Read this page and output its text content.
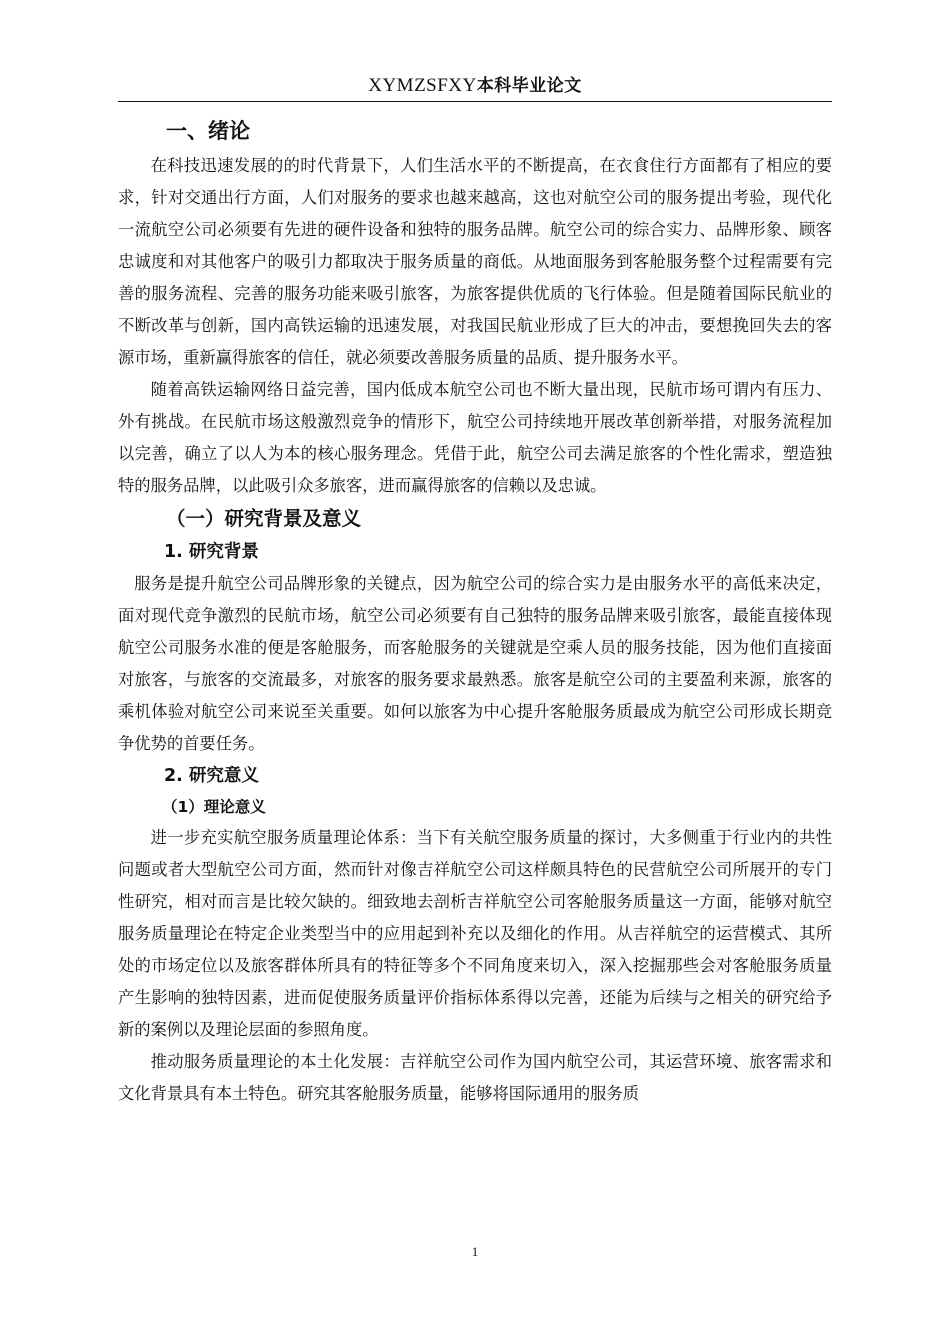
XYMZSFXY本科毕业论文
一、绪论

在科技迅速发展的的时代背景下，人们生活水平的不断提高，在衣食住行方面都有了相应的要求，针对交通出行方面，人们对服务的要求也越来越高，这也对航空公司的服务提出考验，现代化一流航空公司必须要有先进的硬件设备和独特的服务品牌。航空公司的综合实力、品牌形象、顾客忠诚度和对其他客户的吸引力都取决于服务质量的商低。从地面服务到客舱服务整个过程需要有完善的服务流程、完善的服务功能来吸引旅客，为旅客提供优质的飞行体验。但是随着国际民航业的不断改革与创新，国内高铁运输的迅速发展，对我国民航业形成了巨大的冲击，要想挽回失去的客源市场，重新赢得旅客的信任，就必须要改善服务质量的品质、提升服务水平。

随着高铁运输网络日益完善，国内低成本航空公司也不断大量出现，民航市场可谓内有压力、外有挑战。在民航市场这般激烈竞争的情形下，航空公司持续地开展改革创新举措，对服务流程加以完善，确立了以人为本的核心服务理念。凭借于此，航空公司去满足旅客的个性化需求，塑造独特的服务品牌，以此吸引众多旅客，进而赢得旅客的信赖以及忠诚。

（一）研究背景及意义
1. 研究背景

服务是提升航空公司品牌形象的关键点，因为航空公司的综合实力是由服务水平的高低来决定，面对现代竞争激烈的民航市场，航空公司必须要有自己独特的服务品牌来吸引旅客，最能直接体现航空公司服务水准的便是客舱服务，而客舱服务的关键就是空乘人员的服务技能，因为他们直接面对旅客，与旅客的交流最多，对旅客的服务要求最熟悉。旅客是航空公司的主要盈利来源，旅客的乘机体验对航空公司来说至关重要。如何以旅客为中心提升客舱服务质最成为航空公司形成长期竞争优势的首要任务。

2. 研究意义
（1）理论意义

进一步充实航空服务质量理论体系：当下有关航空服务质量的探讨，大多侧重于行业内的共性问题或者大型航空公司方面，然而针对像吉祥航空公司这样颇具特色的民营航空公司所展开的专门性研究，相对而言是比较欠缺的。细致地去剖析吉祥航空公司客舱服务质量这一方面，能够对航空服务质量理论在特定企业类型当中的应用起到补充以及细化的作用。从吉祥航空的运营模式、其所处的市场定位以及旅客群体所具有的特征等多个不同角度来切入，深入挖掘那些会对客舱服务质量产生影响的独特因素，进而促使服务质量评价指标体系得以完善，还能为后续与之相关的研究给予新的案例以及理论层面的参照角度。

推动服务质量理论的本土化发展：吉祥航空公司作为国内航空公司，其运营环境、旅客需求和文化背景具有本土特色。研究其客舱服务质量，能够将国际通用的服务质

1
